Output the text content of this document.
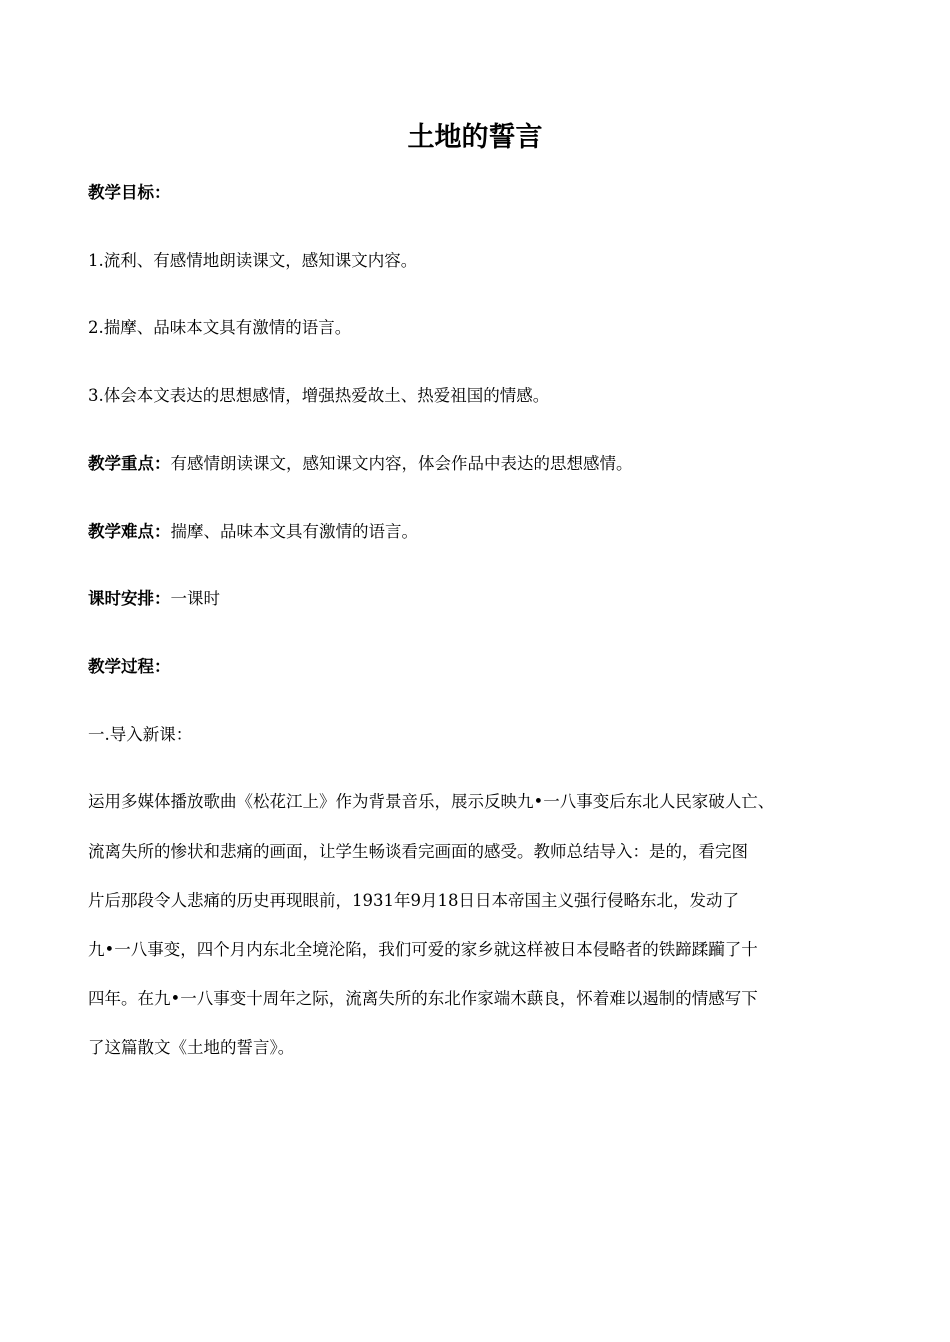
土地的誓言

教学目标：

1.流利、有感情地朗读课文，感知课文内容。

2.揣摩、品味本文具有激情的语言。

3.体会本文表达的思想感情，增强热爱故土、热爱祖国的情感。

教学重点：有感情朗读课文，感知课文内容，体会作品中表达的思想感情。

教学难点：揣摩、品味本文具有激情的语言。

课时安排：一课时

教学过程：

一.导入新课：

运用多媒体播放歌曲《松花江上》作为背景音乐，展示反映九•一八事变后东北人民家破人亡、

流离失所的惨状和悲痛的画面，让学生畅谈看完画面的感受。教师总结导入：是的，看完图

片后那段令人悲痛的历史再现眼前，1931年9月18日日本帝国主义强行侵略东北，发动了

九•一八事变，四个月内东北全境沦陷，我们可爱的家乡就这样被日本侵略者的铁蹄蹂躏了十

四年。在九•一八事变十周年之际，流离失所的东北作家端木蕻良，怀着难以遏制的情感写下

了这篇散文《土地的誓言》。
